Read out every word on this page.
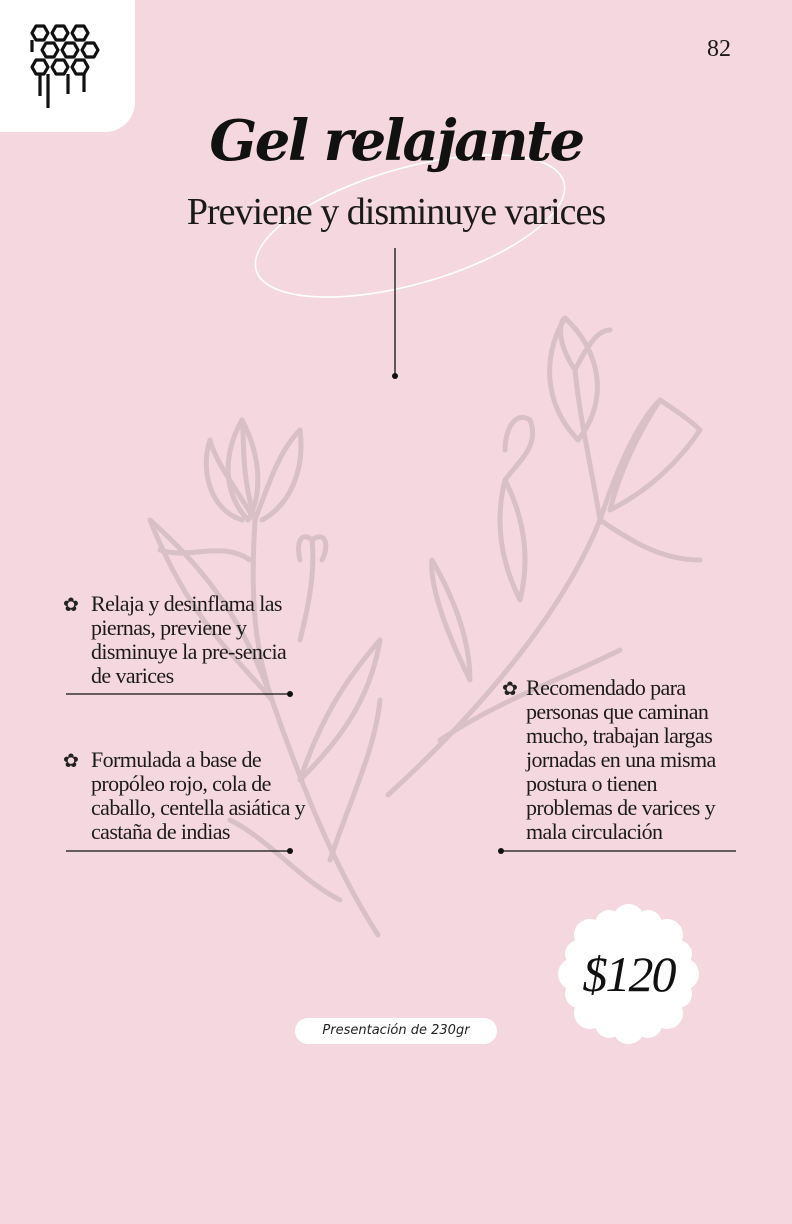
82
Gel relajante
Previene y disminuye varices
✿ Relaja y desinflama las piernas, previene y disminuye la pre-sencia de varices
✿ Formulada a base de propóleo rojo, cola de caballo, centella asiática y castaña de indias
✿ Recomendado para personas que caminan mucho, trabajan largas jornadas en una misma postura o tienen problemas de varices y mala circulación
$120
Presentación de 230gr
